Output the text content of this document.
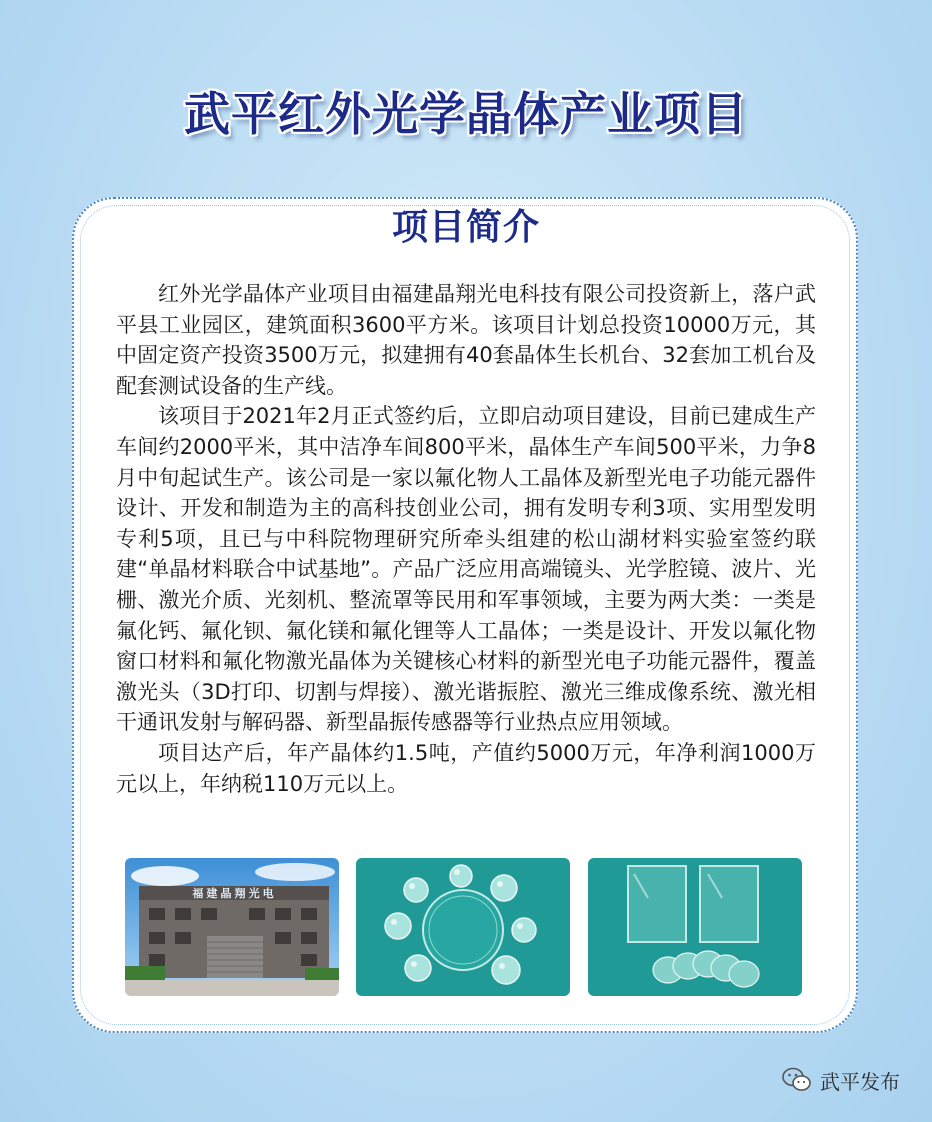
武平红外光学晶体产业项目
项目简介

红外光学晶体产业项目由福建晶翔光电科技有限公司投资新上，落户武平县工业园区，建筑面积3600平方米。该项目计划总投资10000万元，其中固定资产投资3500万元，拟建拥有40套晶体生长机台、32套加工机台及配套测试设备的生产线。

该项目于2021年2月正式签约后，立即启动项目建设，目前已建成生产车间约2000平米，其中洁净车间800平米，晶体生产车间500平米，力争8月中旬起试生产。该公司是一家以氟化物人工晶体及新型光电子功能元器件设计、开发和制造为主的高科技创业公司，拥有发明专利3项、实用型发明专利5项，且已与中科院物理研究所牵头组建的松山湖材料实验室签约联建“单晶材料联合中试基地”。产品广泛应用高端镜头、光学腔镜、波片、光栅、激光介质、光刻机、整流罩等民用和军事领域，主要为两大类：一类是氟化钙、氟化钡、氟化镁和氟化锂等人工晶体；一类是设计、开发以氟化物窗口材料和氟化物激光晶体为关键核心材料的新型光电子功能元器件，覆盖激光头（3D打印、切割与焊接）、激光谐振腔、激光三维成像系统、激光相干通讯发射与解码器、新型晶振传感器等行业热点应用领域。

项目达产后，年产晶体约1.5吨，产值约5000万元，年净利润1000万元以上，年纳税110万元以上。

福 建 晶 翔 光 电
武平发布
